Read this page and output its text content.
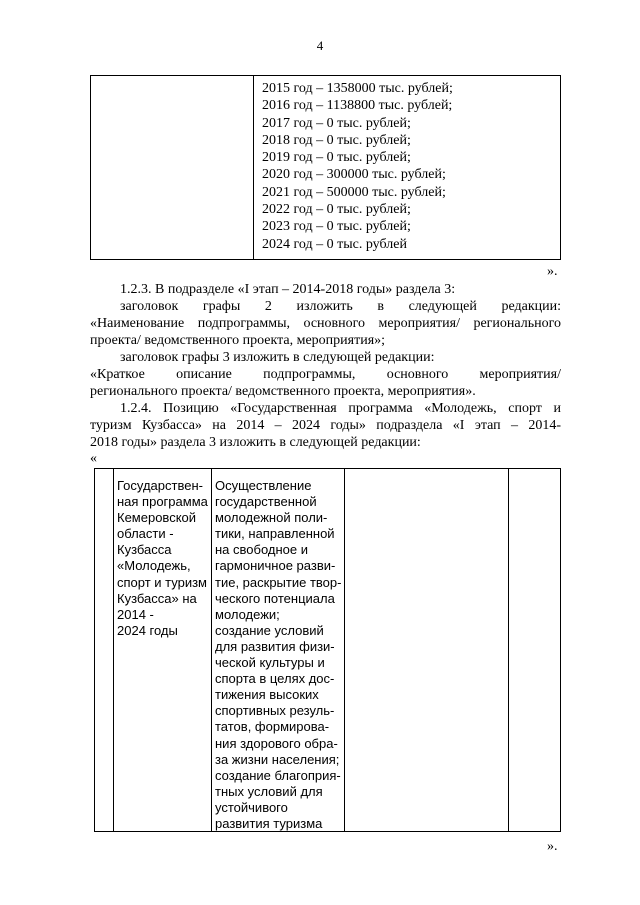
4
2015 год – 1358000 тыс. рублей;
2016 год – 1138800 тыс. рублей;
2017 год – 0 тыс. рублей;
2018 год – 0 тыс. рублей;
2019 год – 0 тыс. рублей;
2020 год – 300000 тыс. рублей;
2021 год – 500000 тыс. рублей;
2022 год – 0 тыс. рублей;
2023 год – 0 тыс. рублей;
2024 год – 0 тыс. рублей
».
1.2.3. В подразделе «I этап – 2014-2018 годы» раздела 3:
заголовок графы 2 изложить в следующей редакции:
«Наименование подпрограммы, основного мероприятия/ регионального
проекта/ ведомственного проекта, мероприятия»;
заголовок графы 3 изложить в следующей редакции:
«Краткое описание подпрограммы, основного мероприятия/
регионального проекта/ ведомственного проекта, мероприятия».
1.2.4. Позицию «Государственная программа «Молодежь, спорт и
туризм Кузбасса» на 2014 – 2024 годы» подраздела «I этап – 2014-
2018 годы» раздела 3 изложить в следующей редакции:
«
Государствен-
ная программа
Кемеровской
области -
Кузбасса
«Молодежь,
спорт и туризм
Кузбасса» на
2014 -
2024 годы
Осуществление
государственной
молодежной поли-
тики, направленной
на свободное и
гармоничное разви-
тие, раскрытие твор-
ческого потенциала
молодежи;
создание условий
для развития физи-
ческой культуры и
спорта в целях дос-
тижения высоких
спортивных резуль-
татов, формирова-
ния здорового обра-
за жизни населения;
создание благоприя-
тных условий для
устойчивого
развития туризма
».
